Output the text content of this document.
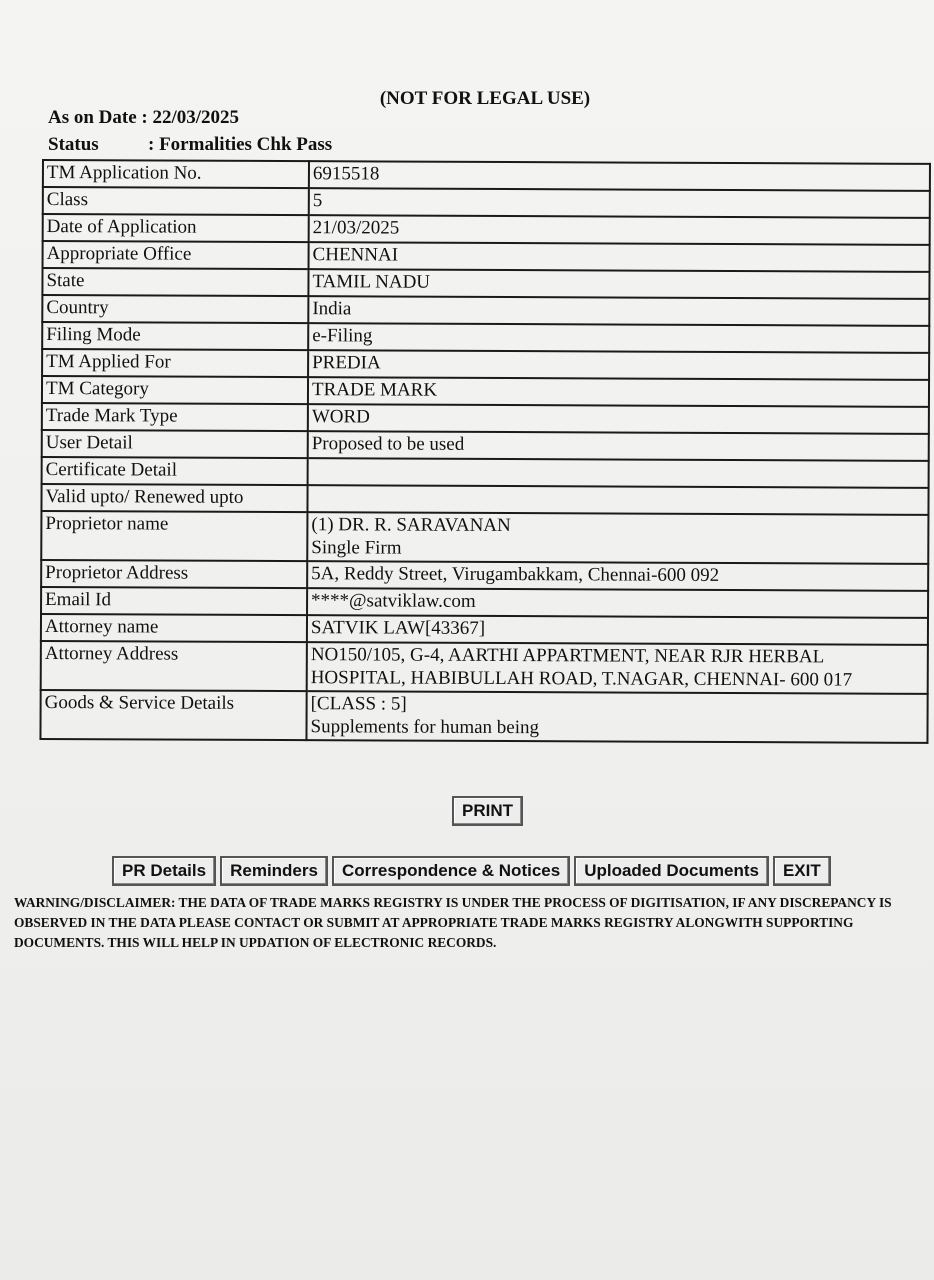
(NOT FOR LEGAL USE)
As on Date : 22/03/2025
Status	: Formalities Chk Pass
TM Application No.	6915518
Class	5
Date of Application	21/03/2025
Appropriate Office	CHENNAI
State	TAMIL NADU
Country	India
Filing Mode	e-Filing
TM Applied For	PREDIA
TM Category	TRADE MARK
Trade Mark Type	WORD
User Detail	Proposed to be used
Certificate Detail	
Valid upto/ Renewed upto	
Proprietor name	(1) DR. R. SARAVANAN
Single Firm

Proprietor Address	5A, Reddy Street, Virugambakkam, Chennai-600 092
Email Id	****@satviklaw.com
Attorney name	SATVIK LAW[43367]
Attorney Address	NO150/105, G-4, AARTHI APPARTMENT, NEAR RJR HERBAL
HOSPITAL, HABIBULLAH ROAD, T.NAGAR, CHENNAI- 600 017

Goods & Service Details	[CLASS : 5]
Supplements for human being
PRINT
PR Details	Reminders	Correspondence & Notices	Uploaded Documents	EXIT
WARNING/DISCLAIMER: THE DATA OF TRADE MARKS REGISTRY IS UNDER THE PROCESS OF DIGITISATION, IF ANY DISCREPANCY IS OBSERVED IN THE DATA PLEASE CONTACT OR SUBMIT AT APPROPRIATE TRADE MARKS REGISTRY ALONGWITH SUPPORTING DOCUMENTS. THIS WILL HELP IN UPDATION OF ELECTRONIC RECORDS.
